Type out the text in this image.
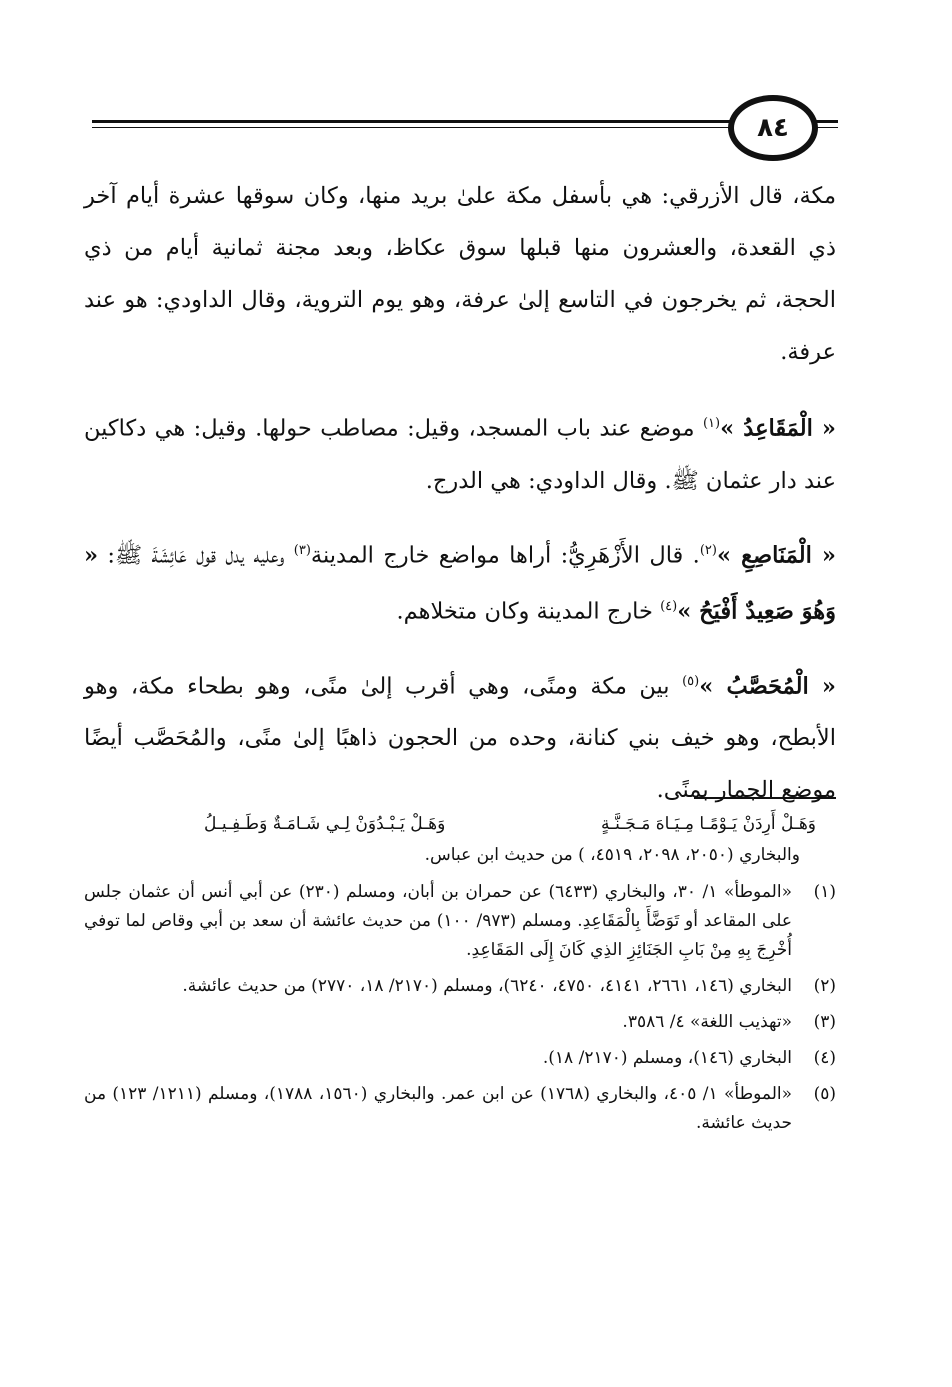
٨٤

مكة، قال الأزرقي: هي بأسفل مكة علىٰ بريد منها، وكان سوقها عشرة أيام آخر ذي القعدة، والعشرون منها قبلها سوق عكاظ، وبعد مجنة ثمانية أيام من ذي الحجة، ثم يخرجون في التاسع إلىٰ عرفة، وهو يوم التروية، وقال الداودي: هو عند عرفة.

« الْمَقَاعِدُ »$^{(١)}$ موضع عند باب المسجد، وقيل: مصاطب حولها. وقيل: هي دكاكين عند دار عثمان ﷺ. وقال الداودي: هي الدرج.

« الْمَنَاصِعِ »$^{(٢)}$. قال الأَزْهَرِيُّ: أراها مواضع خارج المدينة$^{(٣)}$ وعليه يدل قول عَائِشَةَ ﷺ: « وَهُوَ صَعِيدٌ أَفْيَحُ »$^{(٤)}$ خارج المدينة وكان متخلاهم.

« الْمُحَصَّبُ »$^{(٥)}$ بين مكة ومنًى، وهي أقرب إلىٰ منًى، وهو بطحاء مكة، وهو الأبطح، وهو خيف بني كنانة، وحده من الحجون ذاهبًا إلىٰ منًى، والمُحَصَّب أيضًا موضع الجمار بمنًى.

وَهَـلْ أَرِدَنْ يَـوْمًـا مِـيَـاهَ مَـجَـنَّـةٍ
وَهَـلْ يَـبْـدُوَنْ لِـي شَـامَـةٌ وَطَـفِـيـلُ
والبخاري (٢٠٥٠، ٢٠٩٨، ٤٥١٩، ) من حديث ابن عباس.
(١)
«الموطأ» ١/ ٣٠، والبخاري (٦٤٣٣) عن حمران بن أبان، ومسلم (٢٣٠) عن أبي أنس أن عثمان جلس على المقاعد أو تَوَضَّأَ بِالْمَقَاعِدِ. ومسلم (٩٧٣/ ١٠٠) من حديث عائشة أن سعد بن أبي وقاص لما توفي أُخْرِجَ بِهِ مِنْ بَابِ الجَنَائِزِ الذِي كَانَ إِلَى المَقَاعِدِ.
(٢)
البخاري (١٤٦، ٢٦٦١، ٤١٤١، ٤٧٥٠، ٦٢٤٠)، ومسلم (٢١٧٠/ ١٨، ٢٧٧٠) من حديث عائشة.
(٣)
«تهذيب اللغة» ٤/ ٣٥٨٦.
(٤)
البخاري (١٤٦)، ومسلم (٢١٧٠/ ١٨).
(٥)
«الموطأ» ١/ ٤٠٥، والبخاري (١٧٦٨) عن ابن عمر. والبخاري (١٥٦٠، ١٧٨٨)، ومسلم (١٢١١/ ١٢٣) من حديث عائشة.
